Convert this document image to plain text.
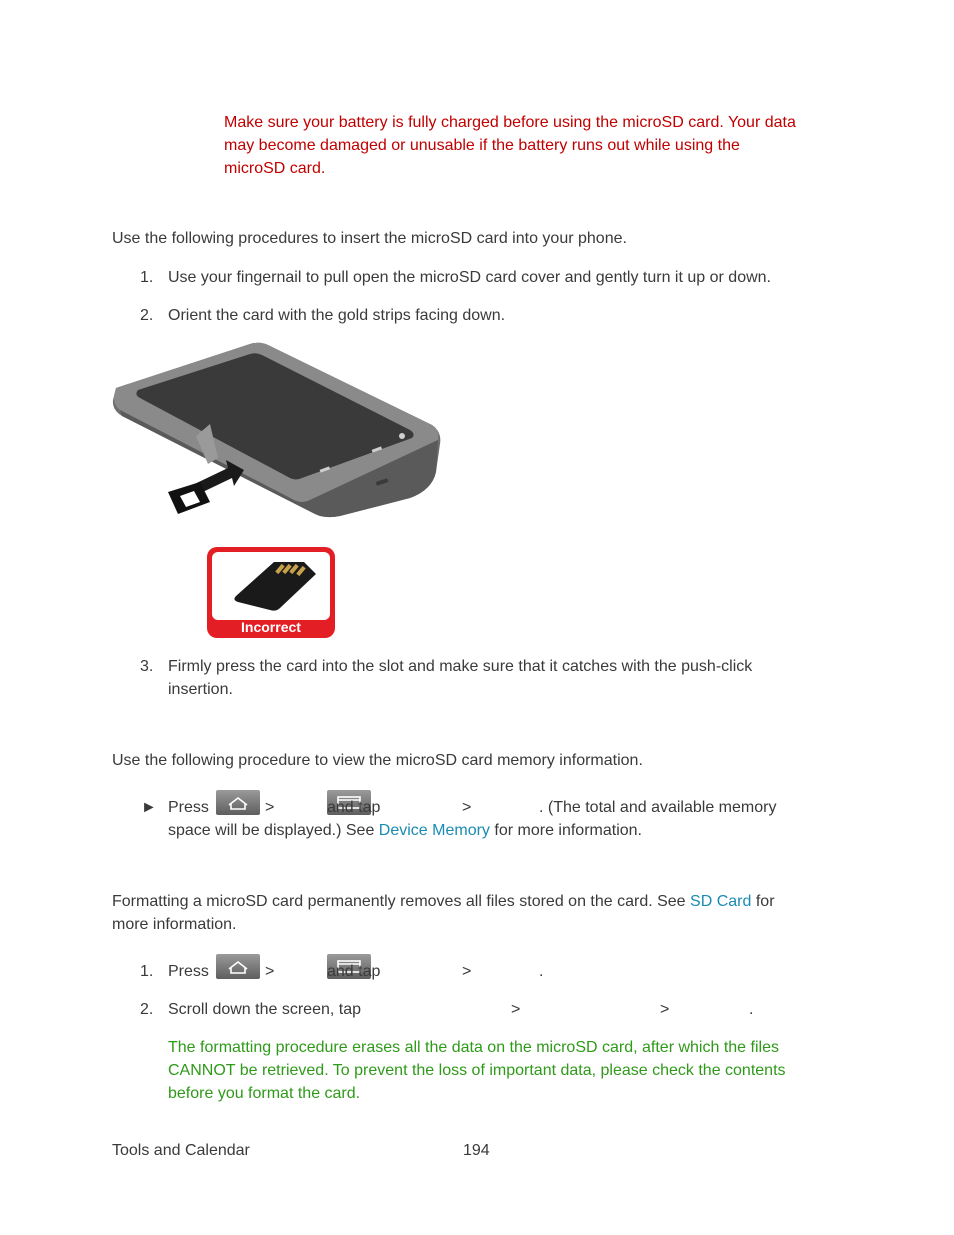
Make sure your battery is fully charged before using the microSD card. Your data
may become damaged or unusable if the battery runs out while using the
microSD card.
Use the following procedures to insert the microSD card into your phone.
1. Use your fingernail to pull open the microSD card cover and gently turn it up or down.
2. Orient the card with the gold strips facing down.
Incorrect
3. Firmly press the card into the slot and make sure that it catches with the push-click
insertion.
Use the following procedure to view the microSD card memory information.
► Press
	>	and tap	>	. (The total and available memory
space will be displayed.) See Device Memory for more information.
Formatting a microSD card permanently removes all files stored on the card. See SD Card for
more information.
1. Press
	>	and tap	>	.
2. Scroll down the screen, tap	>	>	.
The formatting procedure erases all the data on the microSD card, after which the files
CANNOT be retrieved. To prevent the loss of important data, please check the contents
before you format the card.
Tools and Calendar	194
